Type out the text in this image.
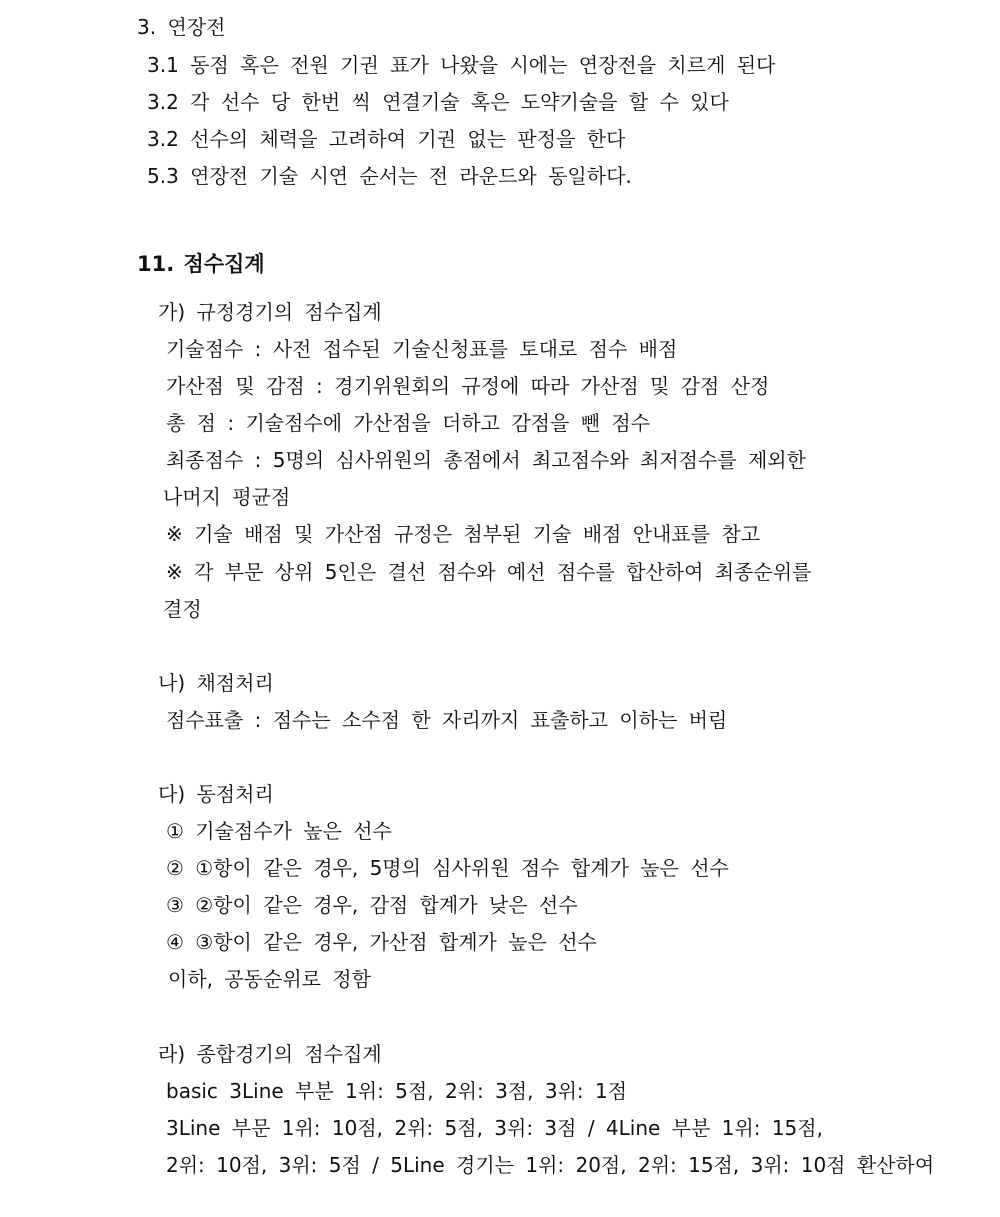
3. 연장전
3.1 동점 혹은 전원 기권 표가 나왔을 시에는 연장전을 치르게 된다
3.2 각 선수 당 한번 씩 연결기술 혹은 도약기술을 할 수 있다
3.2 선수의 체력을 고려하여 기권 없는 판정을 한다
5.3 연장전 기술 시연 순서는 전 라운드와 동일하다.
11. 점수집계
가) 규정경기의 점수집계
기술점수 : 사전 접수된 기술신청표를 토대로 점수 배점
가산점 및 감점 : 경기위원회의 규정에 따라 가산점 및 감점 산정
총 점 : 기술점수에 가산점을 더하고 감점을 뺀 점수
최종점수 : 5명의 심사위원의 총점에서 최고점수와 최저점수를 제외한
나머지 평균점
※ 기술 배점 및 가산점 규정은 첨부된 기술 배점 안내표를 참고
※ 각 부문 상위 5인은 결선 점수와 예선 점수를 합산하여 최종순위를
결정
나) 채점처리
점수표출 : 점수는 소수점 한 자리까지 표출하고 이하는 버림
다) 동점처리
① 기술점수가 높은 선수
② ①항이 같은 경우, 5명의 심사위원 점수 합계가 높은 선수
③ ②항이 같은 경우, 감점 합계가 낮은 선수
④ ③항이 같은 경우, 가산점 합계가 높은 선수
이하, 공동순위로 정함
라) 종합경기의 점수집계
basic 3Line 부분 1위: 5점, 2위: 3점, 3위: 1점
3Line 부문 1위: 10점, 2위: 5점, 3위: 3점 / 4Line 부분 1위: 15점,
2위: 10점, 3위: 5점 / 5Line 경기는 1위: 20점, 2위: 15점, 3위: 10점 환산하여
